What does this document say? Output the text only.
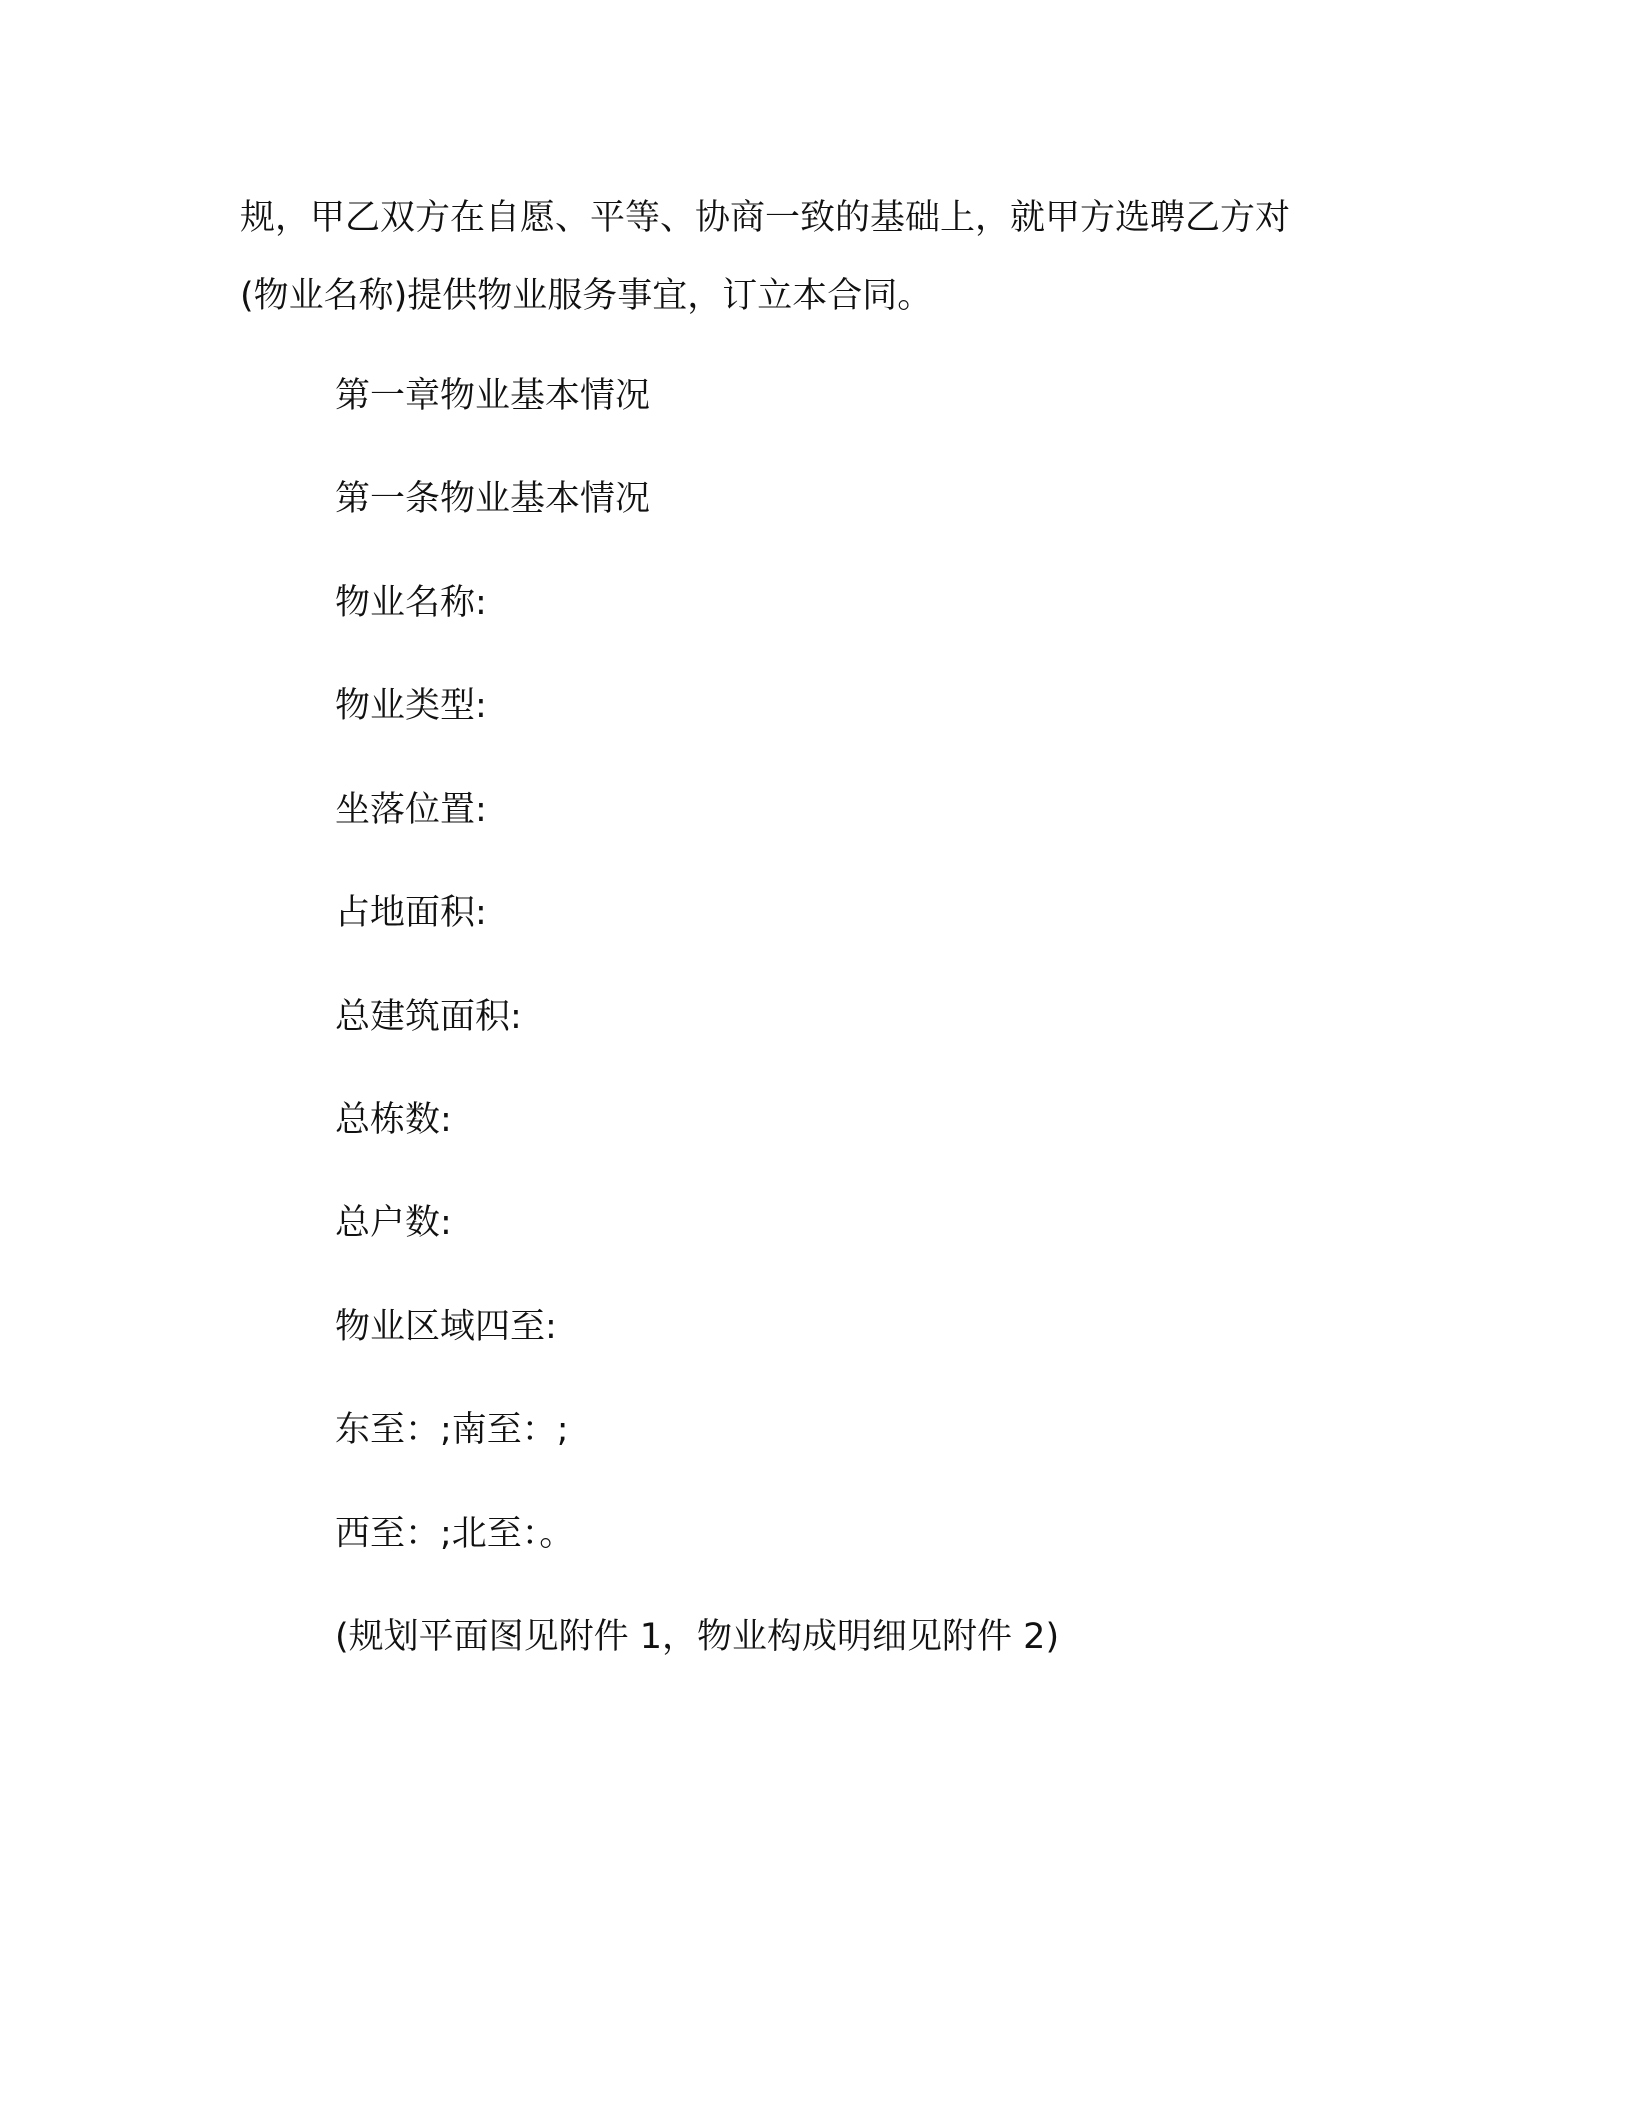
规，甲乙双方在自愿、平等、协商一致的基础上，就甲方选聘乙方对
(物业名称)提供物业服务事宜，订立本合同。
第一章物业基本情况
第一条物业基本情况
物业名称:
物业类型:
坐落位置:
占地面积:
总建筑面积:
总栋数:
总户数:
物业区域四至:
东至：;南至：;
西至：;北至：。
(规划平面图见附件 1，物业构成明细见附件 2)
